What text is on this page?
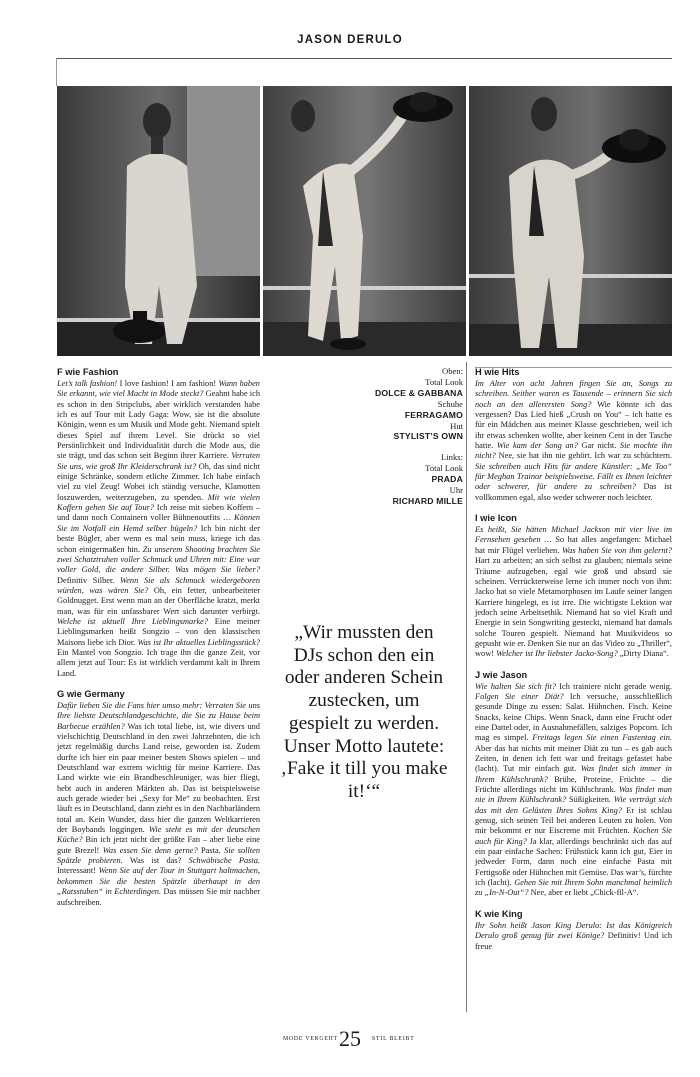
JASON DERULO
F wie Fashion

Let’s talk fashion! I love fashion! I am fashion! Wann haben Sie erkannt, wie viel Macht in Mode steckt? Geahnt habe ich es schon in den Stripclubs, aber wirklich verstanden habe ich es auf Tour mit Lady Gaga: Wow, sie ist die absolute Königin, wenn es um Musik und Mode geht. Niemand spielt dieses Spiel auf ihrem Level. Sie drückt so viel Persönlichkeit und Individualität durch die Mode aus, die sie trägt, und das schon seit Beginn ihrer Karriere. Verraten Sie uns, wie groß Ihr Kleiderschrank ist? Oh, das sind nicht einige Schränke, sondern etliche Zimmer. Ich habe einfach viel zu viel Zeug! Wobei ich ständig versuche, Klamotten loszuwerden, weiterzugeben, zu spenden. Mit wie vielen Koffern gehen Sie auf Tour? Ich reise mit sieben Koffern – und dann noch Containern voller Bühnenoutfits … Können Sie im Notfall ein Hemd selber bügeln? Ich bin nicht der beste Bügler, aber wenn es mal sein muss, kriege ich das schon einigermaßen hin. Zu unserem Shooting brachten Sie zwei Schatztruhen voller Schmuck und Uhren mit: Eine war voller Gold, die andere Silber. Was mögen Sie lieber? Definitiv Silber. Wenn Sie als Schmuck wiedergeboren würden, was wären Sie? Oh, ein fetter, unbearbeiteter Goldnugget. Erst wenn man an der Oberfläche kratzt, merkt man, was für ein unfassbarer Wert sich darunter verbirgt. Welche ist aktuell Ihre Lieblingsmarke? Eine meiner Lieblingsmarken heißt Songzio – von den klassischen Maisons liebe ich Dior. Was ist Ihr aktuelles Lieblingsstück? Ein Mantel von Songzio. Ich trage ihn die ganze Zeit, vor allem jetzt auf Tour: Es ist wirklich verdammt kalt in Ihrem Land.

G wie Germany

Dafür lieben Sie die Fans hier umso mehr: Verraten Sie uns Ihre liebste Deutschlandgeschichte, die Sie zu Hause beim Barbecue erzählen? Was ich total liebe, ist, wie divers und vielschichtig Deutschland in den zwei Jahrzehnten, die ich jetzt regelmäßig durchs Land reise, geworden ist. Zudem durfte ich hier ein paar meiner besten Shows spielen – und Deutschland war extrem wichtig für meine Karriere. Das Land wirkte wie ein Brandbeschleuniger, was hier fliegt, hebt auch in anderen Märkten ab. Das ist beispielsweise auch gerade wieder bei „Sexy for Me“ zu beobachten. Erst läuft es in Deutschland, dann zieht es in den Nachbarländern total an. Kein Wunder, dass hier die ganzen Weltkarrieren der Boybands loggingen. Wie steht es mit der deutschen Küche? Bin ich jetzt nicht der größte Fan – aber liebe eine gute Brezel! Was essen Sie denn gerne? Pasta. Sie sollten Spätzle probieren. Was ist das? Schwäbische Pasta. Interessant! Wenn Sie auf der Tour in Stuttgart haltmachen, bekommen Sie die besten Spätzle überhaupt in den „Ratsstuben“ in Echterdingen. Das müssen Sie mir nachher aufschreiben.

Oben:
Total Look
DOLCE & GABBANA
Schuhe
FERRAGAMO
Hut
STYLIST’S OWN
Links:
Total Look
PRADA
Uhr
RICHARD MILLE
„Wir mussten den DJs schon den ein oder anderen Schein zustecken, um gespielt zu werden. Unser Motto lautete: ‚Fake it till you make it!‘“
H wie Hits

Im Alter von acht Jahren fingen Sie an, Songs zu schreiben. Seither waren es Tausende – erinnern Sie sich noch an den allerersten Song? Wie könnte ich das vergessen? Das Lied hieß „Crush on You“ – ich hatte es für ein Mädchen aus meiner Klasse geschrieben, weil ich ihr etwas schenken wollte, aber keinen Cent in der Tasche hatte. Wie kam der Song an? Gar nicht. Sie mochte ihn nicht? Nee, sie hat ihn nie gehört. Ich war zu schüchtern. Sie schreiben auch Hits für andere Künstler: „Me Too“ für Meghan Trainor beispielsweise. Fällt es Ihnen leichter oder schwerer, für andere zu schreiben? Das ist vollkommen egal, also weder schwerer noch leichter.

I wie Icon

Es heißt, Sie hätten Michael Jackson mit vier live im Fernsehen gesehen … So hat alles angefangen: Michael hat mir Flügel verliehen. Was haben Sie von ihm gelernt? Hart zu arbeiten; an sich selbst zu glauben; niemals seine Träume aufzugeben, egal wie groß und absurd sie scheinen. Verrückterweise lerne ich immer noch von ihm: Jacko hat so viele Metamorphosen im Laufe seiner langen Karriere hingelegt, es ist irre. Die wichtigste Lektion war jedoch seine Arbeitsethik. Niemand hat so viel Kraft und Energie in sein Songwriting gesteckt, niemand hat damals solche Touren gespielt. Niemand hat Musikvideos so gepusht wie er. Denken Sie nur an das Video zu „Thriller“, wow! Welcher ist Ihr liebster Jacko-Song? „Dirty Diana“.

J wie Jason

Wie halten Sie sich fit? Ich trainiere nicht gerade wenig. Folgen Sie einer Diät? Ich versuche, ausschließlich gesunde Dinge zu essen: Salat. Hühnchen. Fisch. Keine Snacks, keine Chips. Wenn Snack, dann eine Frucht oder eine Dattel oder, in Ausnahmefällen, salziges Popcorn. Ich mag es simpel. Freitags legen Sie einen Fastentag ein. Aber das hat nichts mit meiner Diät zu tun – es gab auch Zeiten, in denen ich fett war und freitags gefastet habe (lacht). Tut mir einfach gut. Was findet sich immer in Ihrem Kühlschrank? Brühe, Proteine, Früchte – die Früchte allerdings nicht im Kühlschrank. Was findet man nie in Ihrem Kühlschrank? Süßigkeiten. Wie verträgt sich das mit den Gelüsten Ihres Sohns King? Er ist schlau genug, sich seinen Teil bei anderen Leuten zu holen. Von mir bekommt er nur Eiscreme mit Früchten. Kochen Sie auch für King? Ja klar, allerdings beschränkt sich das auf ein paar einfache Sachen: Frühstück kann ich gut, Eier in jedweder Form, dann noch eine einfache Pasta mit Fertigsoße oder Hühnchen mit Gemüse. Das war’s, fürchte ich (lacht). Gehen Sie mit Ihrem Sohn manchmal heimlich zu „In-N-Out“? Nee, aber er liebt „Chick-fil-A“.

K wie King

Ihr Sohn heißt Jason King Derulo: Ist das Königreich Derulo groß genug für zwei Könige? Definitiv! Und ich freue

MODE VERGEHT 25	STIL BLEIBT
